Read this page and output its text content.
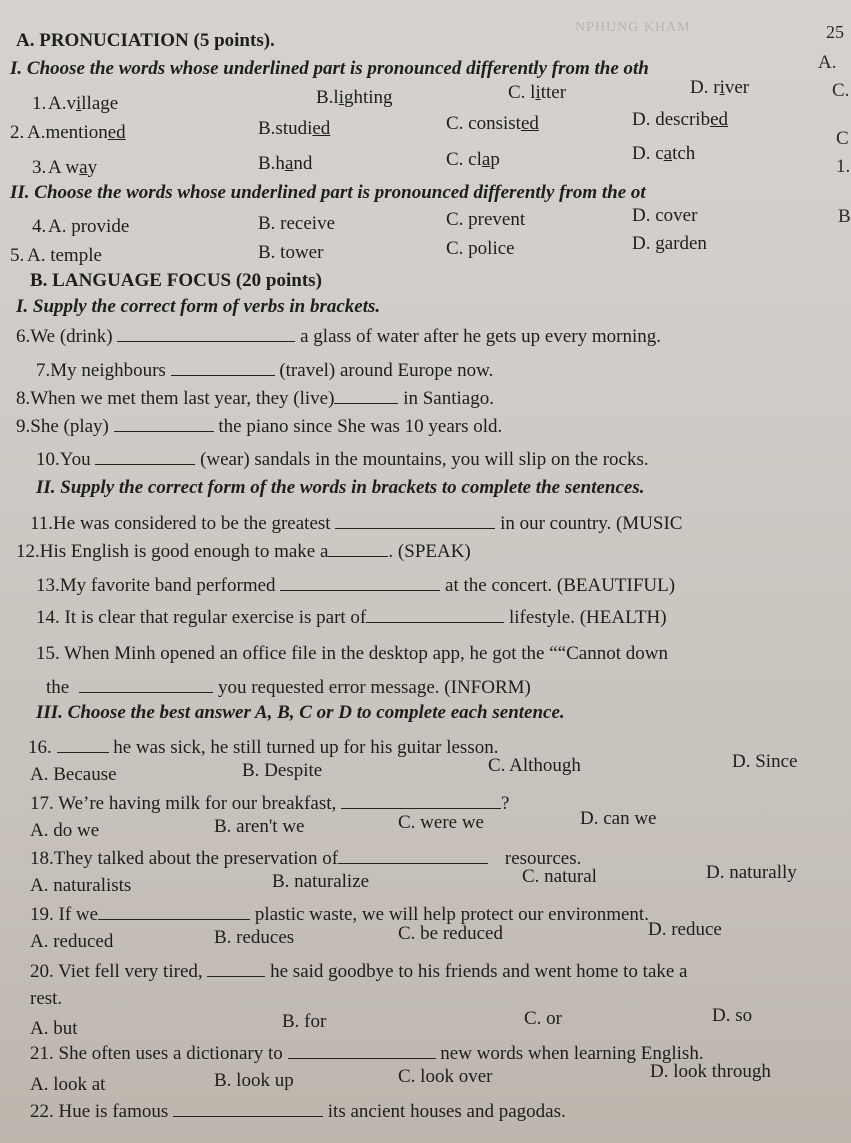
NPHUNG KHAM	25
A.
C.
C
1.
B
A. PRONUCIATION (5 points).
I. Choose the words whose underlined part is pronounced differently from the oth
1. A.village	B.lighting	C. litter	D. river
2. A.mentioned	B.studied	C. consisted	D. described
3. A way	B.hand	C. clap	D. catch
II. Choose the words whose underlined part is pronounced differently from the ot
4. A. provide	B. receive	C. prevent	D. cover
5. A. temple	B. tower	C. police	D. garden
B. LANGUAGE FOCUS (20 points)
I. Supply the correct form of verbs in brackets.
6.We (drink)	a glass of water after he gets up every morning.
7.My neighbours	(travel) around Europe now.
8.When we met them last year, they (live)	in Santiago.
9.She (play)	the piano since She was 10 years old.
10.You	(wear) sandals in the mountains, you will slip on the rocks.
II. Supply the correct form of the words in brackets to complete the sentences.
11.He was considered to be the greatest	in our country. (MUSIC
12.His English is good enough to make a	. (SPEAK)
13.My favorite band performed	at the concert. (BEAUTIFUL)
14. It is clear that regular exercise is part of	lifestyle. (HEALTH)
15. When Minh opened an office file in the desktop app, he got the ““Cannot down
the	you requested error message. (INFORM)
III. Choose the best answer A, B, C or D to complete each sentence.
16.	he was sick, he still turned up for his guitar lesson.
A. Because	B. Despite	C. Although	D. Since
17. We’re having milk for our breakfast,	?
A. do we	B. aren't we	C. were we	D. can we
18.They talked about the preservation of	resources.
A. naturalists	B. naturalize	C. natural	D. naturally
19. If we	plastic waste, we will help protect our environment.
A. reduced	B. reduces	C. be reduced	D. reduce
20. Viet fell very tired,	he said goodbye to his friends and went home to take a
rest.
A. but	B. for	C. or	D. so
21. She often uses a dictionary to	new words when learning English.
A. look at	B. look up	C. look over	D. look through
22. Hue is famous	its ancient houses and pagodas.
